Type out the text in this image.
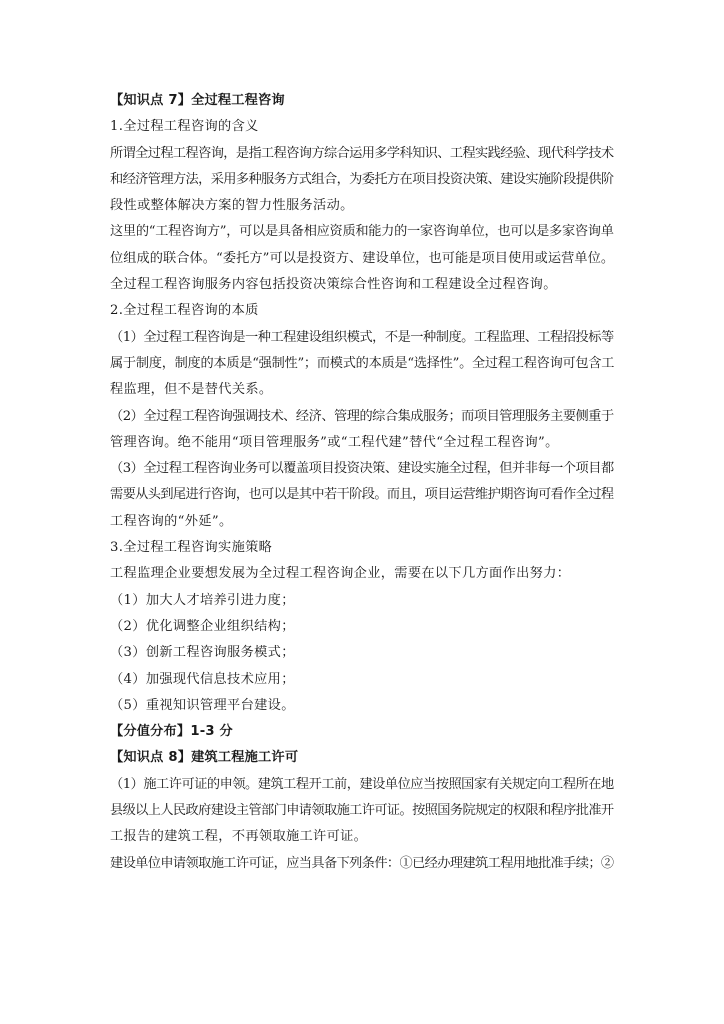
【知识点 7】全过程工程咨询
1.全过程工程咨询的含义
所谓全过程工程咨询，是指工程咨询方综合运用多学科知识、工程实践经验、现代科学技术
和经济管理方法，采用多种服务方式组合，为委托方在项目投资决策、建设实施阶段提供阶
段性或整体解决方案的智力性服务活动。
这里的“工程咨询方”，可以是具备相应资质和能力的一家咨询单位，也可以是多家咨询单
位组成的联合体。“委托方”可以是投资方、建设单位，也可能是项目使用或运营单位。
全过程工程咨询服务内容包括投资决策综合性咨询和工程建设全过程咨询。
2.全过程工程咨询的本质
（1）全过程工程咨询是一种工程建设组织模式，不是一种制度。工程监理、工程招投标等
属于制度，制度的本质是“强制性”；而模式的本质是“选择性”。全过程工程咨询可包含工
程监理，但不是替代关系。
（2）全过程工程咨询强调技术、经济、管理的综合集成服务；而项目管理服务主要侧重于
管理咨询。绝不能用“项目管理服务”或“工程代建”替代“全过程工程咨询”。
（3）全过程工程咨询业务可以覆盖项目投资决策、建设实施全过程，但并非每一个项目都
需要从头到尾进行咨询，也可以是其中若干阶段。而且，项目运营维护期咨询可看作全过程
工程咨询的“外延”。
3.全过程工程咨询实施策略
工程监理企业要想发展为全过程工程咨询企业，需要在以下几方面作出努力：
（1）加大人才培养引进力度；
（2）优化调整企业组织结构；
（3）创新工程咨询服务模式；
（4）加强现代信息技术应用；
（5）重视知识管理平台建设。
【分值分布】1-3 分
【知识点 8】建筑工程施工许可
（1）施工许可证的申领。建筑工程开工前，建设单位应当按照国家有关规定向工程所在地
县级以上人民政府建设主管部门申请领取施工许可证。按照国务院规定的权限和程序批准开
工报告的建筑工程，不再领取施工许可证。
建设单位申请领取施工许可证，应当具备下列条件：①已经办理建筑工程用地批准手续；②
